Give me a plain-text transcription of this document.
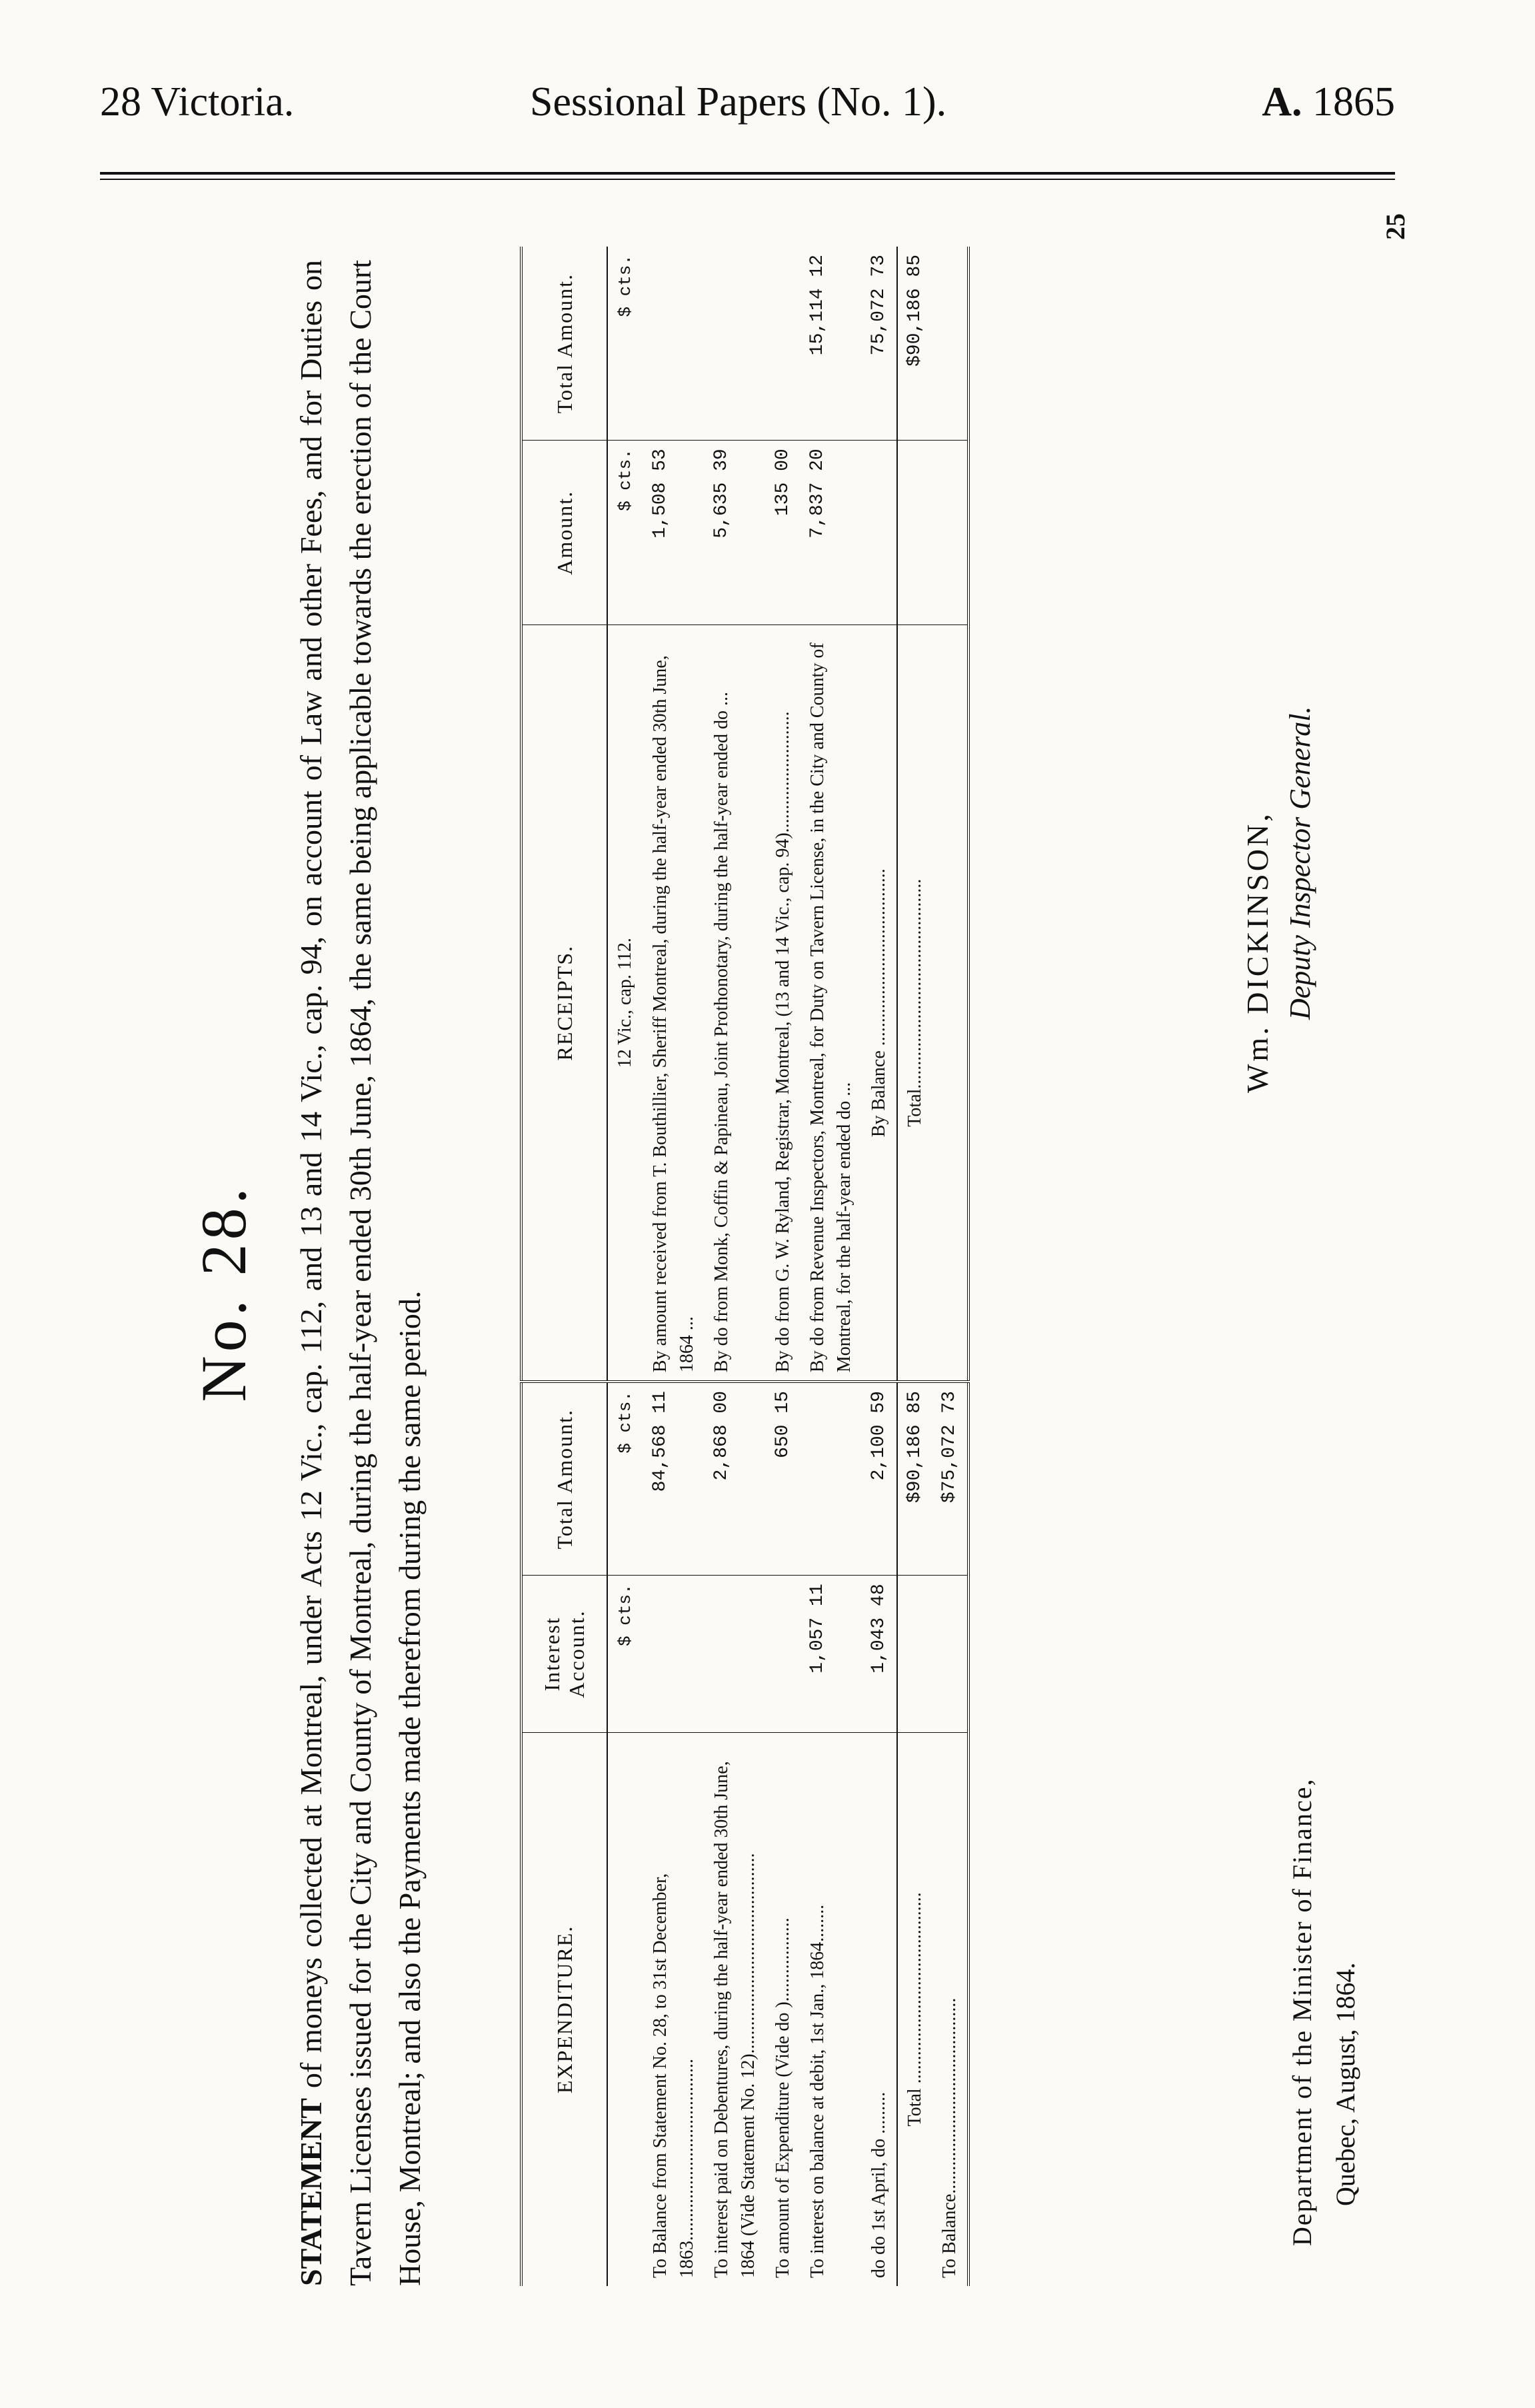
28 Victoria.	Sessional Papers (No. 1).	A. 1865
No. 28.
STATEMENT of moneys collected at Montreal, under Acts 12 Vic., cap. 112, and 13 and 14 Vic., cap. 94, on account of Law and other Fees, and for Duties on Tavern Licenses issued for the City and County of Montreal, during the half-year ended 30th June, 1864, the same being applicable towards the erection of the Court House, Montreal; and also the Payments made therefrom during the same period.	EXPENDITURE.	Interest Account.	Total Amount.	RECEIPTS.	Amount.	Total Amount.
	$ cts.	$ cts.	12 Vic., cap. 112.	$ cts.	$ cts.
To Balance from Statement No. 28, to 31st December, 1863.......................................		84,568 11	By amount received from T. Bouthillier, Sheriff Montreal, during the half-year ended 30th June, 1864 ...	1,508 53	
To interest paid on Debentures, during the half-year ended 30th June, 1864 (Vide Statement No. 12)...........................................		2,868 00	By do from Monk, Coffin & Papineau, Joint Prothonotary, during the half-year ended do ...	5,635 39	
To amount of Expenditure (Vide do )..................		650 15	By do from G. W. Ryland, Registrar, Montreal, (13 and 14 Vic., cap. 94)..........................	135 00	
To interest on balance at debit, 1st Jan., 1864........	1,057 11		By do from Revenue Inspectors, Montreal, for Duty on Tavern License, in the City and County of Montreal, for the half-year ended do ...	7,837 20	15,114 12
do do 1st April, do .........	1,043 48	2,100 59	By Balance ......................................		75,072 73
Total .........................................		$90,186 85	Total.............................................		$90,186 85
To Balance..........................................		$75,072 73			
Wm. DICKINSON, Deputy Inspector General.
Department of the Minister of Finance, Quebec, August, 1864.
25
